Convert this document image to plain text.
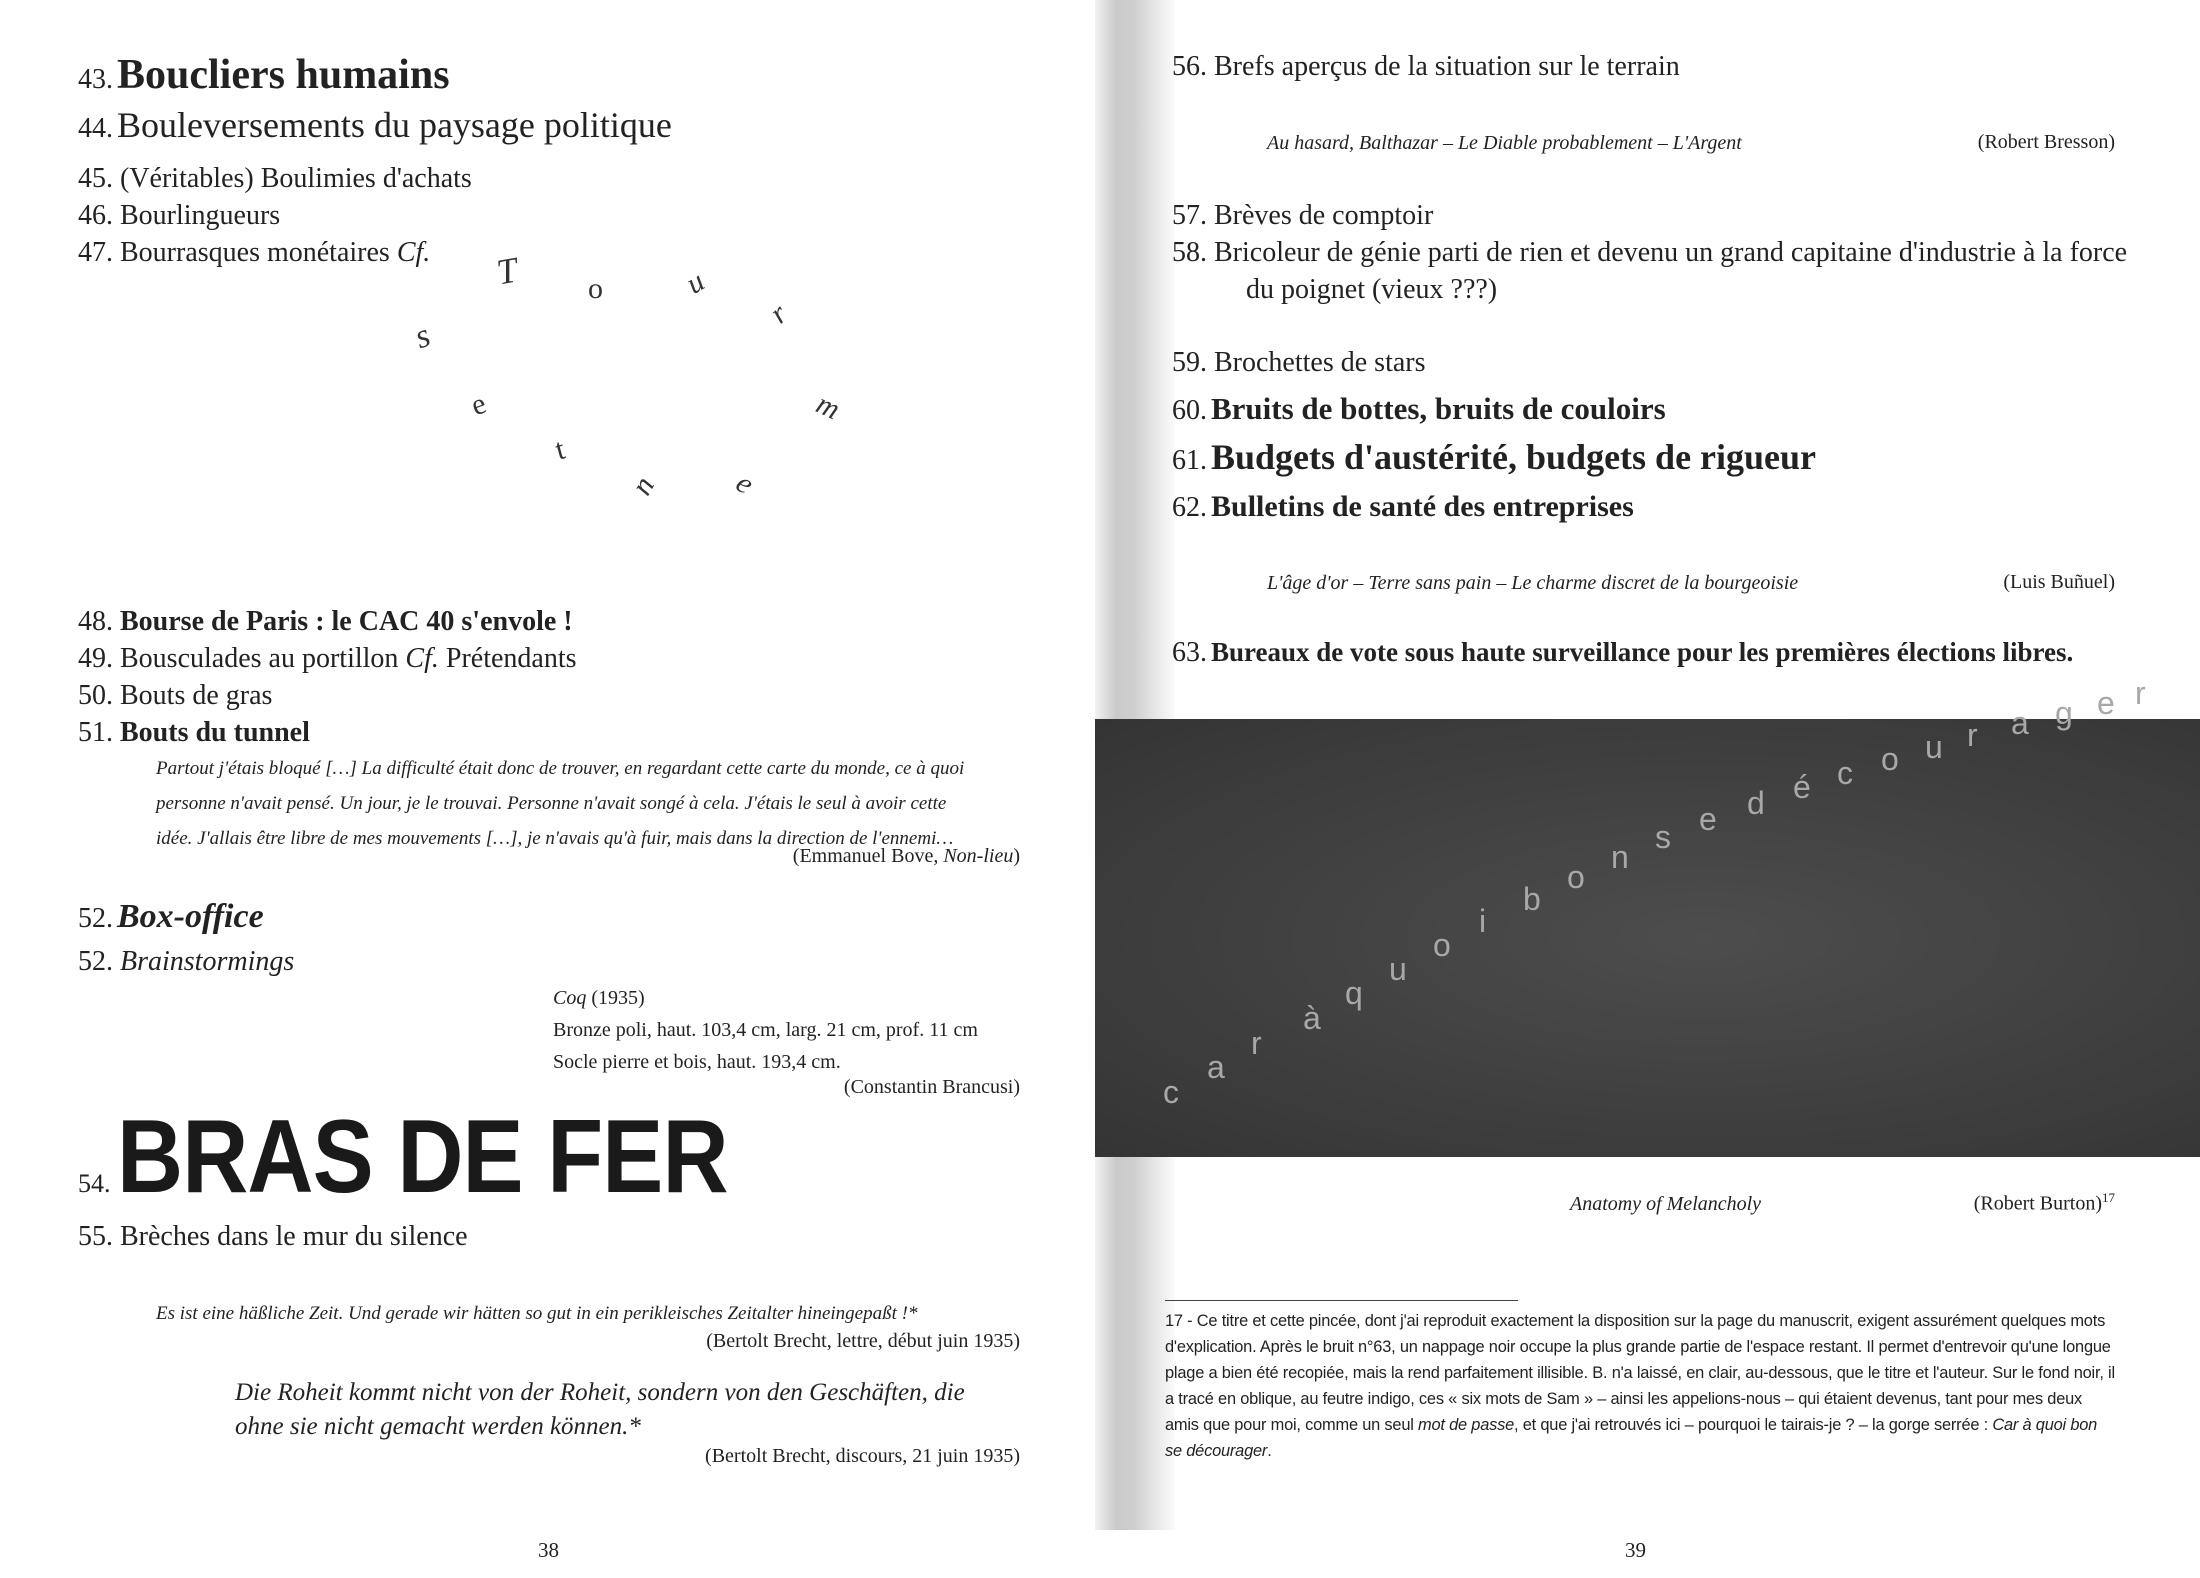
43. Boucliers humains
44. Bouleversements du paysage politique
45. (Véritables) Boulimies d'achats
46. Bourlingueurs
47. Bourrasques monétaires Cf. T o	u
r
m
e
n
t
e
s
48. Bourse de Paris : le CAC 40 s'envole !
49. Bousculades au portillon Cf. Prétendants
50. Bouts de gras
51. Bouts du tunnel
Partout j'étais bloqué […] La difficulté était donc de trouver, en regardant cette carte du monde, ce à quoi
personne n'avait pensé. Un jour, je le trouvai. Personne n'avait songé à cela. J'étais le seul à avoir cette
idée. J'allais être libre de mes mouvements […], je n'avais qu'à fuir, mais dans la direction de l'ennemi…
(Emmanuel Bove, Non-lieu)
52. Box-office
52. Brainstormings
Coq (1935)
Bronze poli, haut. 103,4 cm, larg. 21 cm, prof. 11 cm
Socle pierre et bois, haut. 193,4 cm.
(Constantin Brancusi)
54.BRAS DE FER
55. Brèches dans le mur du silence
Es ist eine häßliche Zeit. Und gerade wir hätten so gut in ein perikleisches Zeitalter hineingepaßt !*
(Bertolt Brecht, lettre, début juin 1935)
Die Roheit kommt nicht von der Roheit, sondern von den Geschäften, die
ohne sie nicht gemacht werden können.*
(Bertolt Brecht, discours, 21 juin 1935)
38
56. Brefs aperçus de la situation sur le terrain
Au hasard, Balthazar – Le Diable probablement – L'Argent	(Robert Bresson)
57. Brèves de comptoir
58. Bricoleur de génie parti de rien et devenu un grand capitaine d'industrie à la force
du poignet (vieux ???)
59. Brochettes de stars
60. Bruits de bottes, bruits de couloirs
61. Budgets d'austérité, budgets de rigueur
62. Bulletins de santé des entreprises
L'âge d'or – Terre sans pain – Le charme discret de la bourgeoisie	(Luis Buñuel)
63. Bureaux de vote sous haute surveillance pour les premières élections libres.
c
a
r
à
q
u
o
i
b
o
n
s e d é c o u r a g e r
Anatomy of Melancholy	(Robert Burton)$^{17}$
17 - Ce titre et cette pincée, dont j'ai reproduit exactement la disposition sur la page du manuscrit, exigent assurément quelques mots d'explication. Après le bruit n°63, un nappage noir occupe la plus grande partie de l'espace restant. Il permet d'entrevoir qu'une longue plage a bien été recopiée, mais la rend parfaitement illisible. B. n'a laissé, en clair, au-dessous, que le titre et l'auteur. Sur le fond noir, il a tracé en oblique, au feutre indigo, ces « six mots de Sam » – ainsi les appelions-nous – qui étaient devenus, tant pour mes deux amis que pour moi, comme un seul mot de passe, et que j'ai retrouvés ici – pourquoi le tairais-je ? – la gorge serrée : Car à quoi bon se décourager.
39
